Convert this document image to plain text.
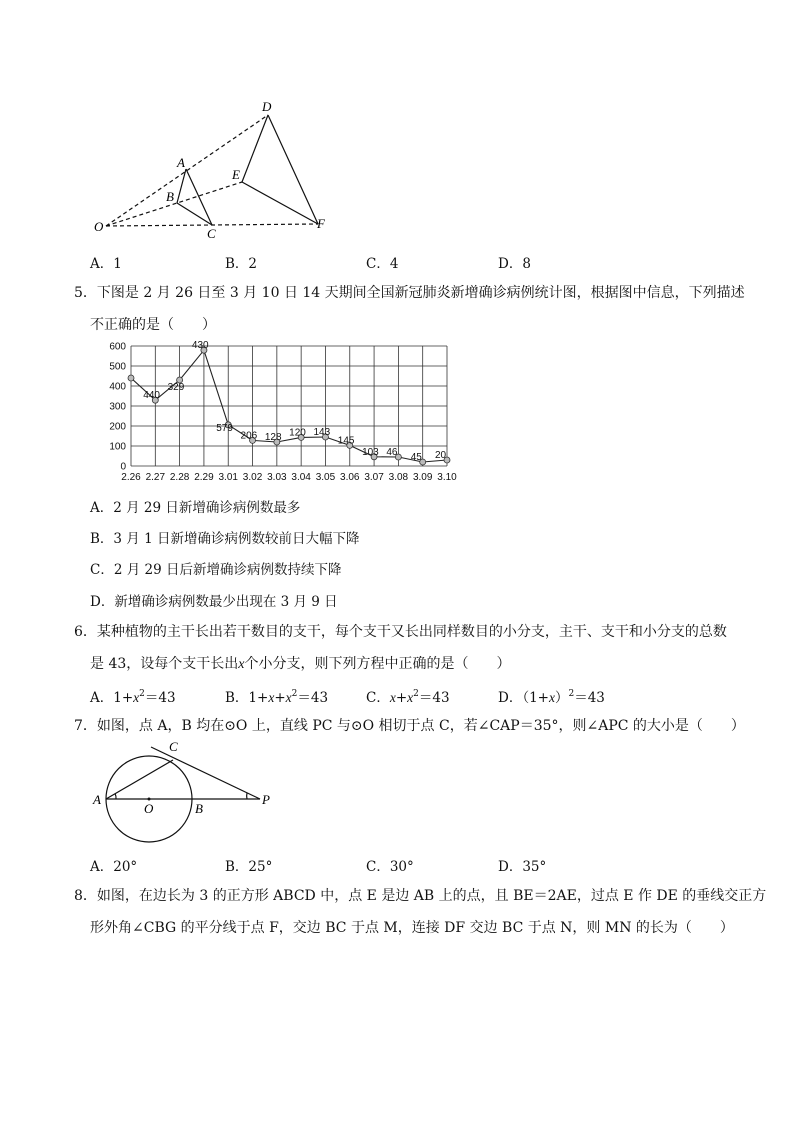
D
A
E
B
O	C
F
A．1	B．2	C．4	D．8
5．下图是 2 月 26 日至 3 月 10 日 14 天期间全国新冠肺炎新增确诊病例统计图，根据图中信息，下列描述
不正确的是（　　）
0
100
200
300
400
500
600
2.26 2.27 2.28 2.29 3.01 3.02 3.03 3.04 3.05 3.06 3.07 3.08 3.09 3.10
440
329
430
579
206 128 120 143
145
103 46 45 20
A．2 月 29 日新增确诊病例数最多
B．3 月 1 日新增确诊病例数较前日大幅下降
C．2 月 29 日后新增确诊病例数持续下降
D．新增确诊病例数最少出现在 3 月 9 日
6．某种植物的主干长出若干数目的支干，每个支干又长出同样数目的小分支，主干、支干和小分支的总数
是 43，设每个支干长出x个小分支，则下列方程中正确的是（　　）
A．$1+x^2=43$	B．$1+x+x^2=43$	C．$x+x^2=43$	D．$(1+x)^2=43$
7．如图，点 A，B 均在⊙O 上，直线 PC 与⊙O 相切于点 C，若∠CAP＝35°，则∠APC 的大小是（　　）
C
A
O	B
P
A．20°	B．25°	C．30°	D．35°
8．如图，在边长为 3 的正方形 ABCD 中，点 E 是边 AB 上的点，且 BE＝2AE，过点 E 作 DE 的垂线交正方
形外角∠CBG 的平分线于点 F，交边 BC 于点 M，连接 DF 交边 BC 于点 N，则 MN 的长为（　　）
